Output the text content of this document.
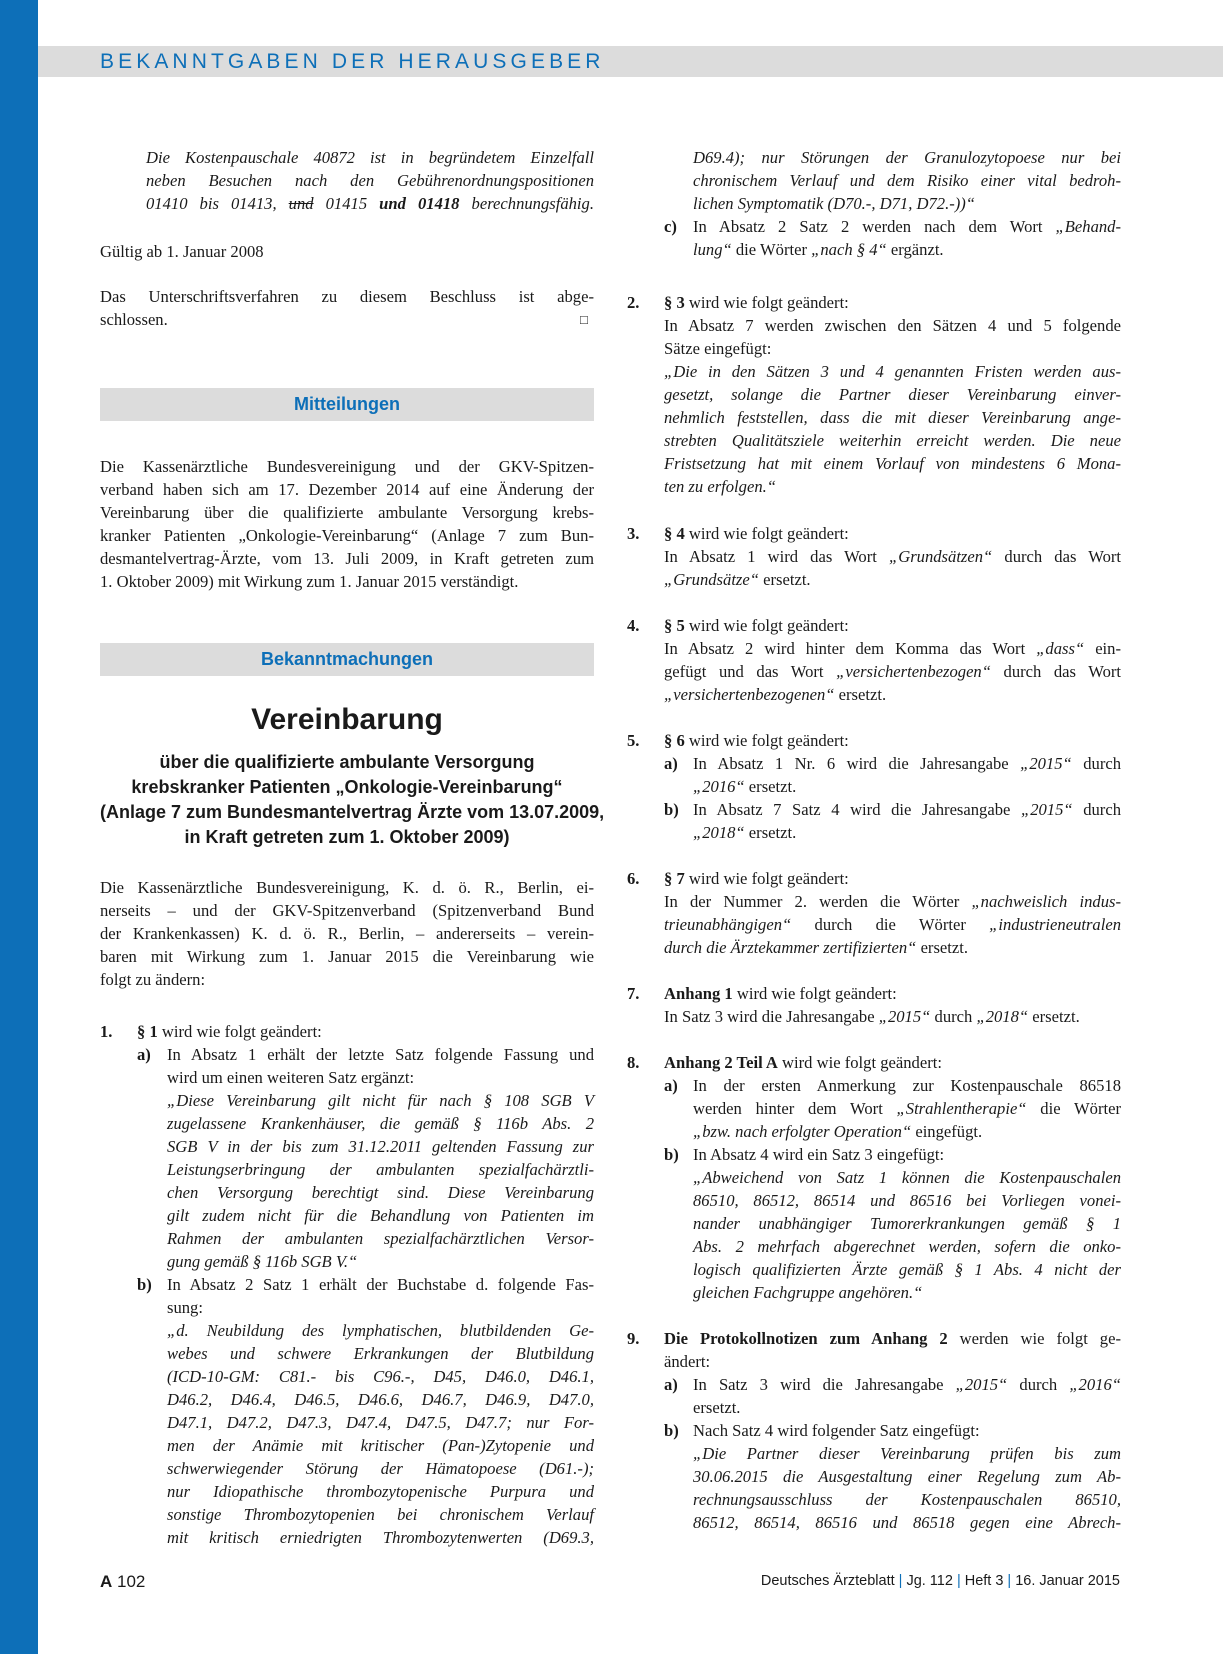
BEKANNTGABEN DER HERAUSGEBER
Die Kostenpauschale 40872 ist in begründetem Einzelfall
neben Besuchen nach den Gebührenordnungspositionen
01410 bis 01413, und 01415 und 01418 berechnungsfähig.
Gültig ab 1. Januar 2008
Das Unterschriftsverfahren zu diesem Beschluss ist abge-
schlossen.	□
Mitteilungen
Die Kassenärztliche Bundesvereinigung und der GKV-Spitzen-
verband haben sich am 17. Dezember 2014 auf eine Änderung der
Vereinbarung über die qualifizierte ambulante Versorgung krebs-
kranker Patienten „Onkologie-Vereinbarung“ (Anlage 7 zum Bun-
desmantelvertrag-Ärzte, vom 13. Juli 2009, in Kraft getreten zum
1. Oktober 2009) mit Wirkung zum 1. Januar 2015 verständigt.
Bekanntmachungen
Vereinbarung
über die qualifizierte ambulante Versorgung
krebskranker Patienten „Onkologie-Vereinbarung“
(Anlage 7 zum Bundesmantelvertrag Ärzte vom 13.07.2009,
in Kraft getreten zum 1. Oktober 2009)
Die Kassenärztliche Bundesvereinigung, K. d. ö. R., Berlin, ei-
nerseits – und der GKV-Spitzenverband (Spitzenverband Bund
der Krankenkassen) K. d. ö. R., Berlin, – andererseits – verein-
baren mit Wirkung zum 1. Januar 2015 die Vereinbarung wie
folgt zu ändern:
1.	§ 1 wird wie folgt geändert:
a) In Absatz 1 erhält der letzte Satz folgende Fassung und
wird um einen weiteren Satz ergänzt:
„Diese Vereinbarung gilt nicht für nach § 108 SGB V
zugelassene Krankenhäuser, die gemäß § 116b Abs. 2
SGB V in der bis zum 31.12.2011 geltenden Fassung zur
Leistungserbringung der ambulanten spezialfachärztli-
chen Versorgung berechtigt sind. Diese Vereinbarung
gilt zudem nicht für die Behandlung von Patienten im
Rahmen der ambulanten spezialfachärztlichen Versor-
gung gemäß § 116b SGB V.“
b) In Absatz 2 Satz 1 erhält der Buchstabe d. folgende Fas-
sung:
„d. Neubildung des lymphatischen, blutbildenden Ge-
webes und schwere Erkrankungen der Blutbildung
(ICD-10-GM: C81.- bis C96.-, D45, D46.0, D46.1,
D46.2, D46.4, D46.5, D46.6, D46.7, D46.9, D47.0,
D47.1, D47.2, D47.3, D47.4, D47.5, D47.7; nur For-
men der Anämie mit kritischer (Pan-)Zytopenie und
schwerwiegender Störung der Hämatopoese (D61.-);
nur Idiopathische thrombozytopenische Purpura und
sonstige Thrombozytopenien bei chronischem Verlauf
mit kritisch erniedrigten Thrombozytenwerten (D69.3,
D69.4); nur Störungen der Granulozytopoese nur bei
chronischem Verlauf und dem Risiko einer vital bedroh-
lichen Symptomatik (D70.-, D71, D72.-))“
c) In Absatz 2 Satz 2 werden nach dem Wort „Behand-
lung“ die Wörter „nach § 4“ ergänzt.
2.	§ 3 wird wie folgt geändert:
In Absatz 7 werden zwischen den Sätzen 4 und 5 folgende
Sätze eingefügt:
„Die in den Sätzen 3 und 4 genannten Fristen werden aus-
gesetzt, solange die Partner dieser Vereinbarung einver-
nehmlich feststellen, dass die mit dieser Vereinbarung ange-
strebten Qualitätsziele weiterhin erreicht werden. Die neue
Fristsetzung hat mit einem Vorlauf von mindestens 6 Mona-
ten zu erfolgen.“
3.	§ 4 wird wie folgt geändert:
In Absatz 1 wird das Wort „Grundsätzen“ durch das Wort
„Grundsätze“ ersetzt.
4.	§ 5 wird wie folgt geändert:
In Absatz 2 wird hinter dem Komma das Wort „dass“ ein-
gefügt und das Wort „versichertenbezogen“ durch das Wort
„versichertenbezogenen“ ersetzt.
5.	§ 6 wird wie folgt geändert:
a) In Absatz 1 Nr. 6 wird die Jahresangabe „2015“ durch
„2016“ ersetzt.
b) In Absatz 7 Satz 4 wird die Jahresangabe „2015“ durch
„2018“ ersetzt.
6.	§ 7 wird wie folgt geändert:
In der Nummer 2. werden die Wörter „nachweislich indus-
trieunabhängigen“ durch die Wörter „industrieneutralen
durch die Ärztekammer zertifizierten“ ersetzt.
7.	Anhang 1 wird wie folgt geändert:
In Satz 3 wird die Jahresangabe „2015“ durch „2018“ ersetzt.
8.	Anhang 2 Teil A wird wie folgt geändert:
a) In der ersten Anmerkung zur Kostenpauschale 86518
werden hinter dem Wort „Strahlentherapie“ die Wörter
„bzw. nach erfolgter Operation“ eingefügt.
b) In Absatz 4 wird ein Satz 3 eingefügt:
„Abweichend von Satz 1 können die Kostenpauschalen
86510, 86512, 86514 und 86516 bei Vorliegen vonei-
nander unabhängiger Tumorerkrankungen gemäß § 1
Abs. 2 mehrfach abgerechnet werden, sofern die onko-
logisch qualifizierten Ärzte gemäß § 1 Abs. 4 nicht der
gleichen Fachgruppe angehören.“
9.	Die Protokollnotizen zum Anhang 2 werden wie folgt ge-
ändert:
a) In Satz 3 wird die Jahresangabe „2015“ durch „2016“
ersetzt.
b) Nach Satz 4 wird folgender Satz eingefügt:
„Die Partner dieser Vereinbarung prüfen bis zum
30.06.2015 die Ausgestaltung einer Regelung zum Ab-
rechnungsausschluss der Kostenpauschalen 86510,
86512, 86514, 86516 und 86518 gegen eine Abrech-
A 102	Deutsches Ärzteblatt | Jg. 112 | Heft 3 | 16. Januar 2015
